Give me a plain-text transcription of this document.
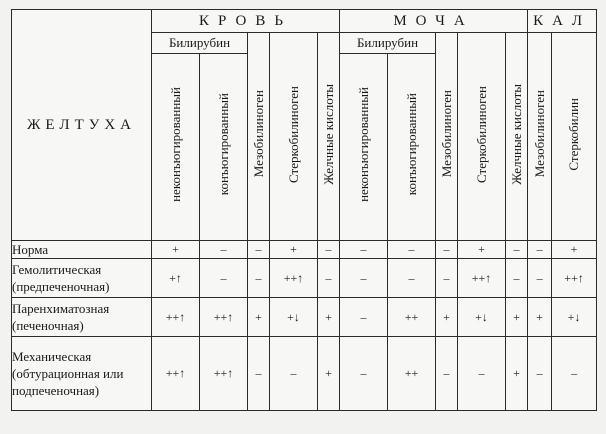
ЖЕЛТУХА	КРОВЬ					МОЧА					КАЛ	
	Билирубин		Мезобилиноген	Стеркобилиноген	Желчные кислоты	Билирубин		Мезобилиноген	Стеркобилиноген	Желчные кислоты	Мезобилиноген	Стеркобилин
	неконъюгированный	конъюгированный				неконъюгированный	конъюгированный					
Норма	+	–	–	+	–	–	–	–	+	–	–	+
Гемолитическая (предпеченочная)	+↑	–	–	++↑	–	–	–	–	++↑	–	–	++↑
Паренхиматозная (печеночная)	++↑	++↑	+	+↓	+	–	++	+	+↓	+	+	+↓
Механическая (обтурационная или подпеченочная)	++↑	++↑	–	–	+	–	++	–	–	+	–	–
